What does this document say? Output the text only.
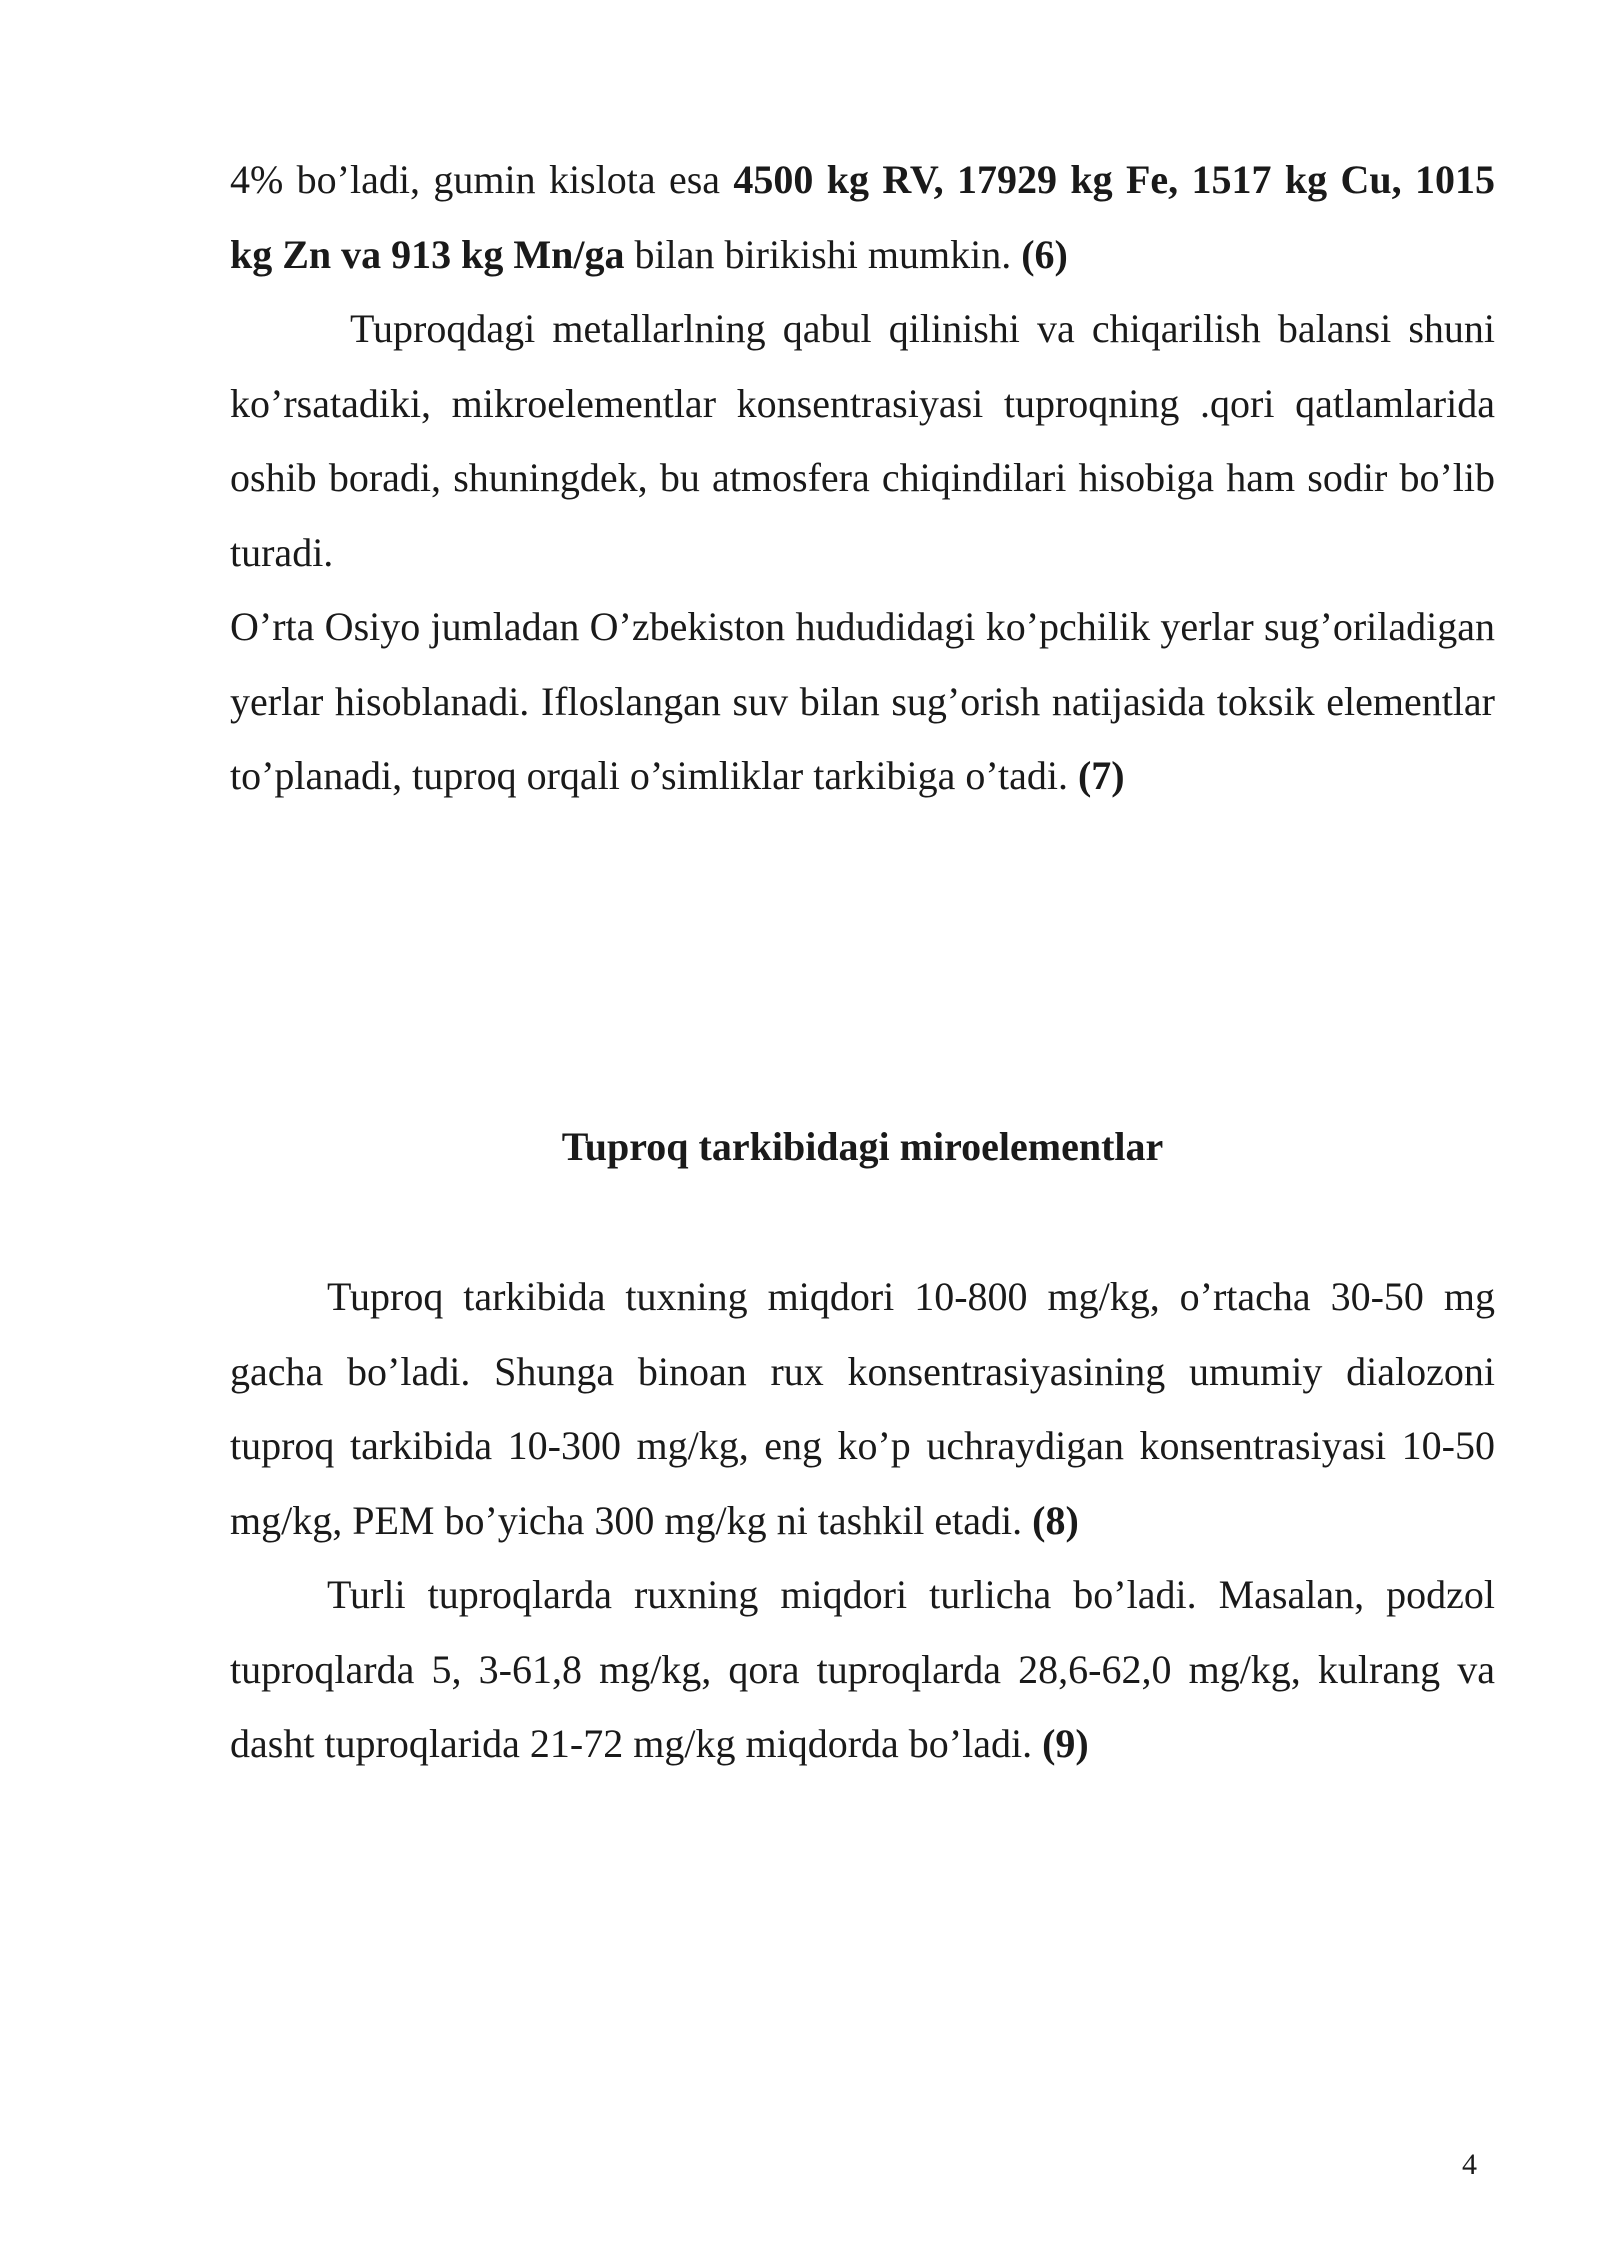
4% bo’ladi, gumin kislota esa 4500 kg RV, 17929 kg Fe, 1517 kg Cu, 1015 kg Zn va 913 kg Mn/ga bilan birikishi mumkin. (6)

Tuproqdagi metallarlning qabul qilinishi va chiqarilish balansi shuni ko’rsatadiki, mikroelementlar konsentrasiyasi tuproqning .qori qatlamlarida oshib boradi, shuningdek, bu atmosfera chiqindilari hisobiga ham sodir bo’lib turadi.

O’rta Osiyo jumladan O’zbekiston hududidagi ko’pchilik yerlar sug’oriladigan yerlar hisoblanadi. Ifloslangan suv bilan sug’orish natijasida toksik elementlar to’planadi, tuproq orqali o’simliklar tarkibiga o’tadi. (7)

Tuproq tarkibidagi miroelementlar

Tuproq tarkibida tuxning miqdori 10-800 mg/kg, o’rtacha 30-50 mg gacha bo’ladi. Shunga binoan rux konsentrasiyasining umumiy dialozoni tuproq tarkibida 10-300 mg/kg, eng ko’p uchraydigan konsentrasiyasi 10-50 mg/kg, PEM bo’yicha 300 mg/kg ni tashkil etadi. (8)

Turli tuproqlarda ruxning miqdori turlicha bo’ladi. Masalan, podzol tuproqlarda 5, 3-61,8 mg/kg, qora tuproqlarda 28,6-62,0 mg/kg, kulrang va dasht tuproqlarida 21-72 mg/kg miqdorda bo’ladi. (9)

4
